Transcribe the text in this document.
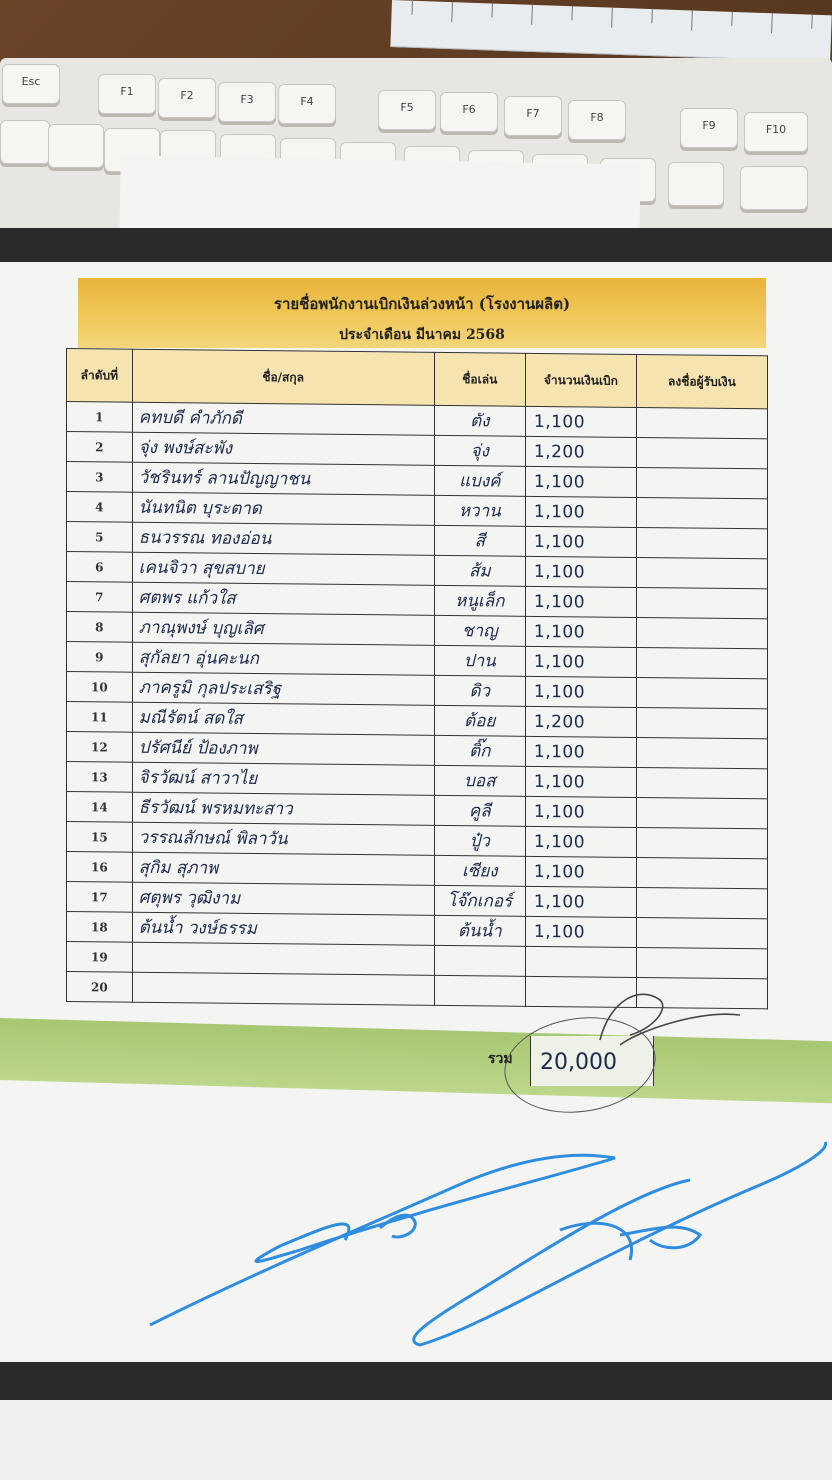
Esc
F1	F2	F3	F4	F5	F6	F7	F8
F9	F10
รายชื่อพนักงานเบิกเงินล่วงหน้า (โรงงานผลิต)
ประจำเดือน มีนาคม 2568
ลำดับที่	ชื่อ/สกุล	ชื่อเล่น	จำนวนเงินเบิก	ลงชื่อผู้รับเงิน
1	คทบดี คำภักดี	ตัง	1,100	
2	จุ่ง พงษ์สะพัง	จุ่ง	1,200	
3	วัชรินทร์ ลานปัญญาชน	แบงค์	1,100	
4	นันทนิต บุระตาด	หวาน	1,100	
5	ธนวรรณ ทองอ่อน	สี	1,100	
6	เคนจิวา สุขสบาย	ส้ม	1,100	
7	ศตพร แก้วใส	หนูเล็ก	1,100	
8	ภาณุพงษ์ บุญเลิศ	ชาญ	1,100	
9	สุกัลยา อุ่นคะนก	ปาน	1,100	
10	ภาครูมิ กุลประเสริฐ	ดิว	1,100	
11	มณีรัตน์ สดใส	ต้อย	1,200	
12	ปรัศนีย์ ป้องภาพ	ติ๊ก	1,100	
13	จิรวัฒน์ สาวาไย	บอส	1,100	
14	ธีรวัฒน์ พรหมทะสาว	คูลี	1,100	
15	วรรณลักษณ์ พิลาวัน	ปู๋ว	1,100	
16	สุกิม สุภาพ	เซียง	1,100	
17	ศตุพร วุฒิงาม	โจ๊กเกอร์	1,100	
18	ต้นน้ำ วงษ์ธรรม	ต้นน้ำ	1,100	
19				
20				
รวม 20,000
